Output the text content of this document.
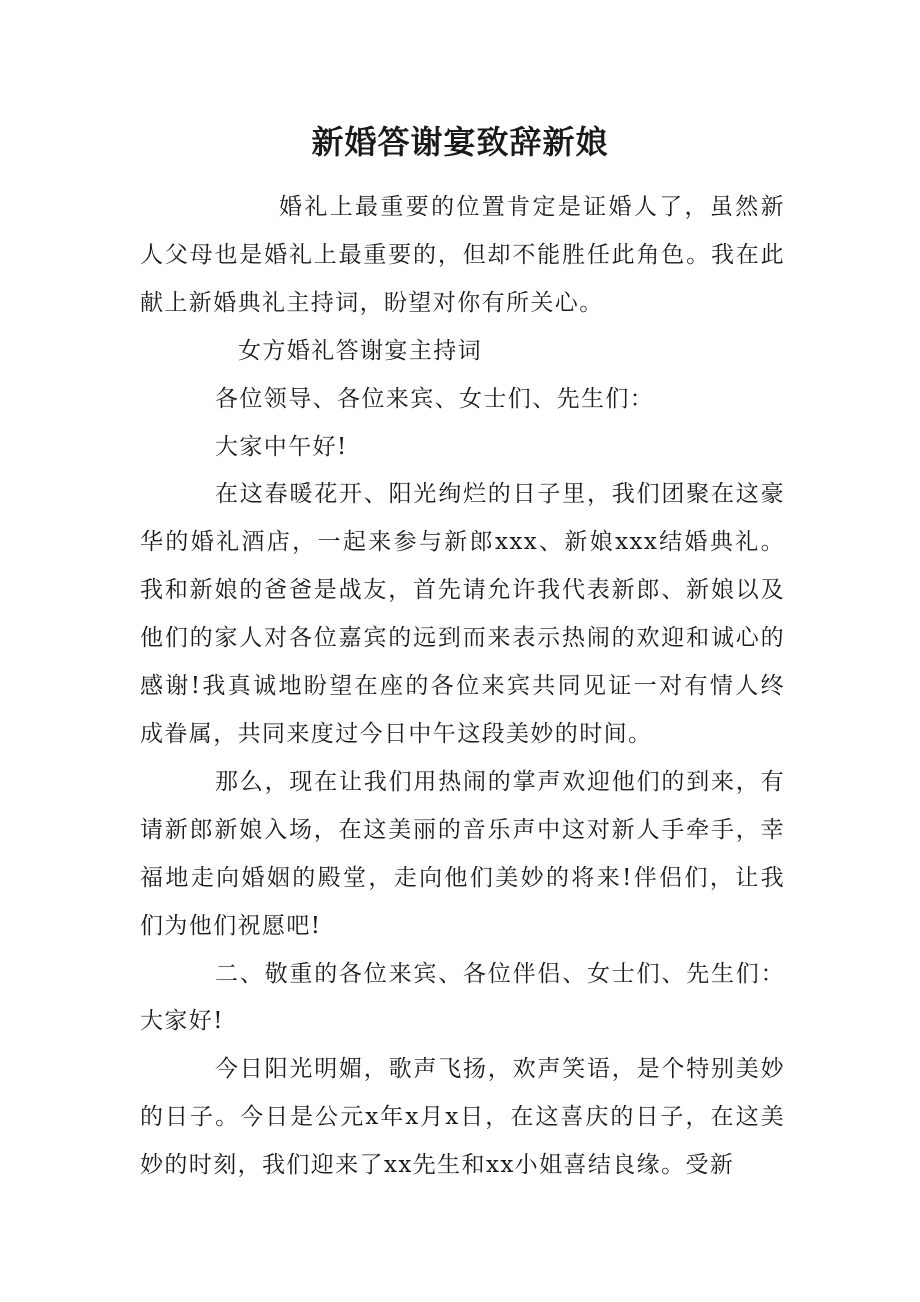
新婚答谢宴致辞新娘

婚礼上最重要的位置肯定是证婚人了，虽然新人父母也是婚礼上最重要的，但却不能胜任此角色。我在此献上新婚典礼主持词，盼望对你有所关心。

女方婚礼答谢宴主持词

各位领导、各位来宾、女士们、先生们：

大家中午好!

在这春暖花开、阳光绚烂的日子里，我们团聚在这豪华的婚礼酒店，一起来参与新郎xxx、新娘xxx结婚典礼。我和新娘的爸爸是战友，首先请允许我代表新郎、新娘以及他们的家人对各位嘉宾的远到而来表示热闹的欢迎和诚心的感谢!我真诚地盼望在座的各位来宾共同见证一对有情人终成眷属，共同来度过今日中午这段美妙的时间。

那么，现在让我们用热闹的掌声欢迎他们的到来，有请新郎新娘入场，在这美丽的音乐声中这对新人手牵手，幸福地走向婚姻的殿堂，走向他们美妙的将来!伴侣们，让我们为他们祝愿吧!

二、敬重的各位来宾、各位伴侣、女士们、先生们：大家好!

今日阳光明媚，歌声飞扬，欢声笑语，是个特别美妙的日子。今日是公元x年x月x日，在这喜庆的日子，在这美妙的时刻，我们迎来了xx先生和xx小姐喜结良缘。受新
